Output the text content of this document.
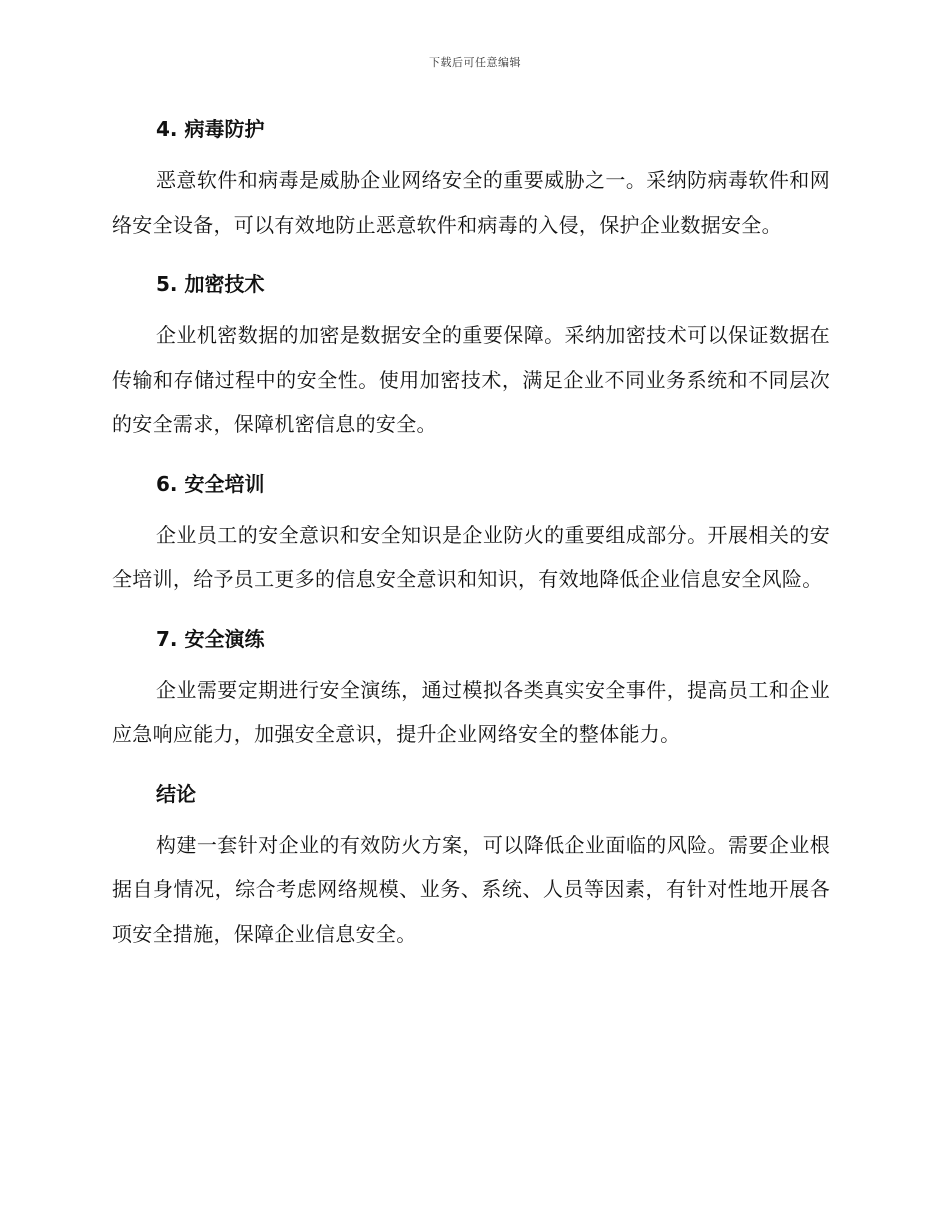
下载后可任意编辑
4. 病毒防护

恶意软件和病毒是威胁企业网络安全的重要威胁之一。采纳防病毒软件和网络安全设备，可以有效地防止恶意软件和病毒的入侵，保护企业数据安全。

5. 加密技术

企业机密数据的加密是数据安全的重要保障。采纳加密技术可以保证数据在传输和存储过程中的安全性。使用加密技术，满足企业不同业务系统和不同层次的安全需求，保障机密信息的安全。

6. 安全培训

企业员工的安全意识和安全知识是企业防火的重要组成部分。开展相关的安全培训，给予员工更多的信息安全意识和知识，有效地降低企业信息安全风险。

7. 安全演练

企业需要定期进行安全演练，通过模拟各类真实安全事件，提高员工和企业应急响应能力，加强安全意识，提升企业网络安全的整体能力。

结论

构建一套针对企业的有效防火方案，可以降低企业面临的风险。需要企业根据自身情况，综合考虑网络规模、业务、系统、人员等因素，有针对性地开展各项安全措施，保障企业信息安全。
